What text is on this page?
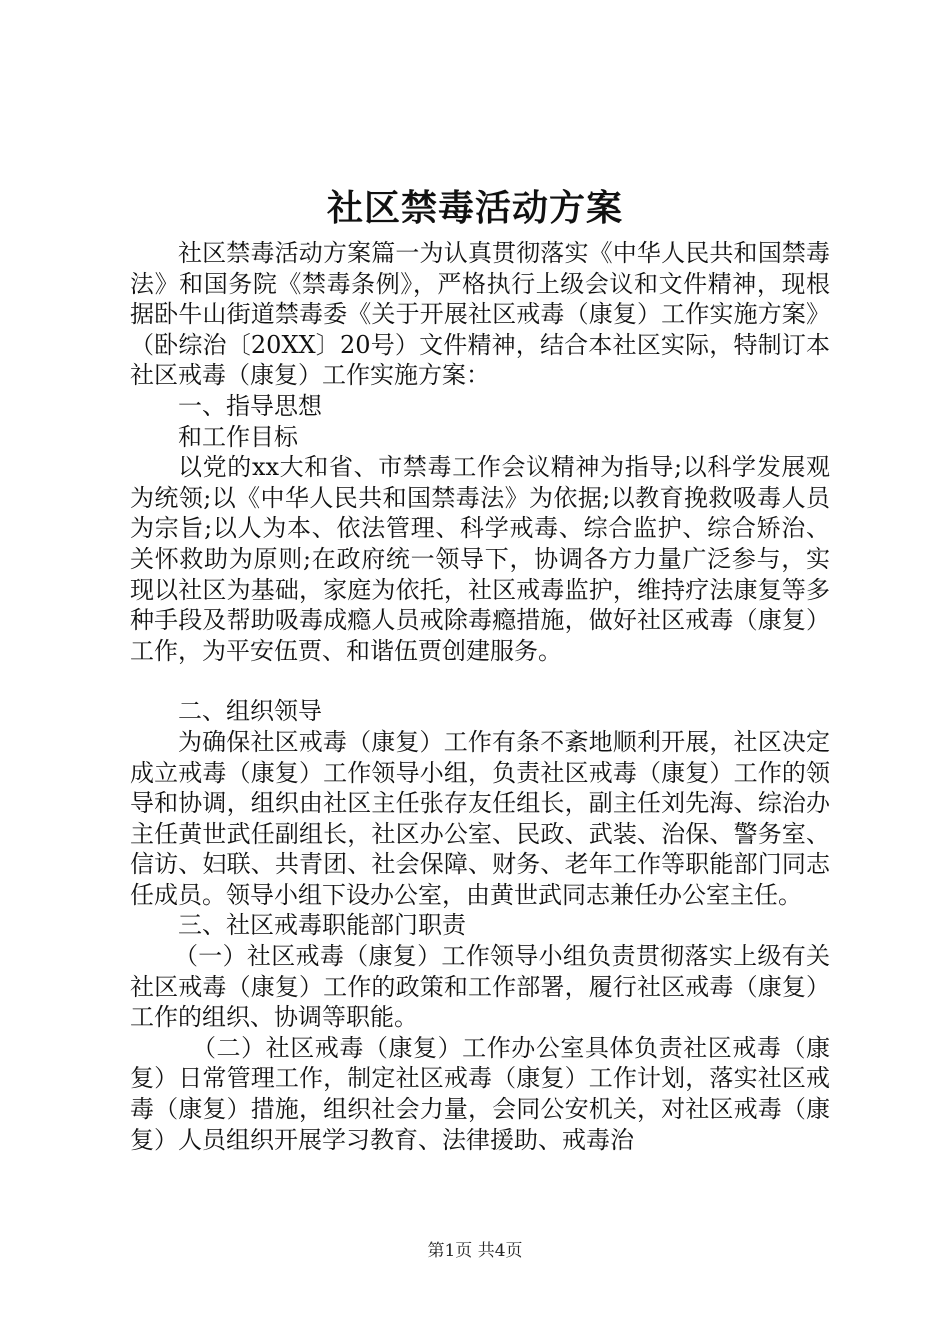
社区禁毒活动方案

社区禁毒活动方案篇一为认真贯彻落实《中华人民共和国禁毒法》和国务院《禁毒条例》，严格执行上级会议和文件精神，现根据卧牛山街道禁毒委《关于开展社区戒毒（康复）工作实施方案》（卧综治〔20XX〕20号）文件精神，结合本社区实际，特制订本社区戒毒（康复）工作实施方案：

一、指导思想

和工作目标

以党的xx大和省、市禁毒工作会议精神为指导;以科学发展观为统领;以《中华人民共和国禁毒法》为依据;以教育挽救吸毒人员为宗旨;以人为本、依法管理、科学戒毒、综合监护、综合矫治、关怀救助为原则;在政府统一领导下，协调各方力量广泛参与，实现以社区为基础，家庭为依托，社区戒毒监护，维持疗法康复等多种手段及帮助吸毒成瘾人员戒除毒瘾措施，做好社区戒毒（康复）工作，为平安伍贾、和谐伍贾创建服务。

二、组织领导

为确保社区戒毒（康复）工作有条不紊地顺利开展，社区决定成立戒毒（康复）工作领导小组，负责社区戒毒（康复）工作的领导和协调，组织由社区主任张存友任组长，副主任刘先海、综治办主任黄世武任副组长，社区办公室、民政、武装、治保、警务室、信访、妇联、共青团、社会保障、财务、老年工作等职能部门同志任成员。领导小组下设办公室，由黄世武同志兼任办公室主任。

三、社区戒毒职能部门职责

（一）社区戒毒（康复）工作领导小组负责贯彻落实上级有关社区戒毒（康复）工作的政策和工作部署，履行社区戒毒（康复）工作的组织、协调等职能。

（二）社区戒毒（康复）工作办公室具体负责社区戒毒（康复）日常管理工作，制定社区戒毒（康复）工作计划，落实社区戒毒（康复）措施，组织社会力量，会同公安机关，对社区戒毒（康复）人员组织开展学习教育、法律援助、戒毒治

第1页 共4页
